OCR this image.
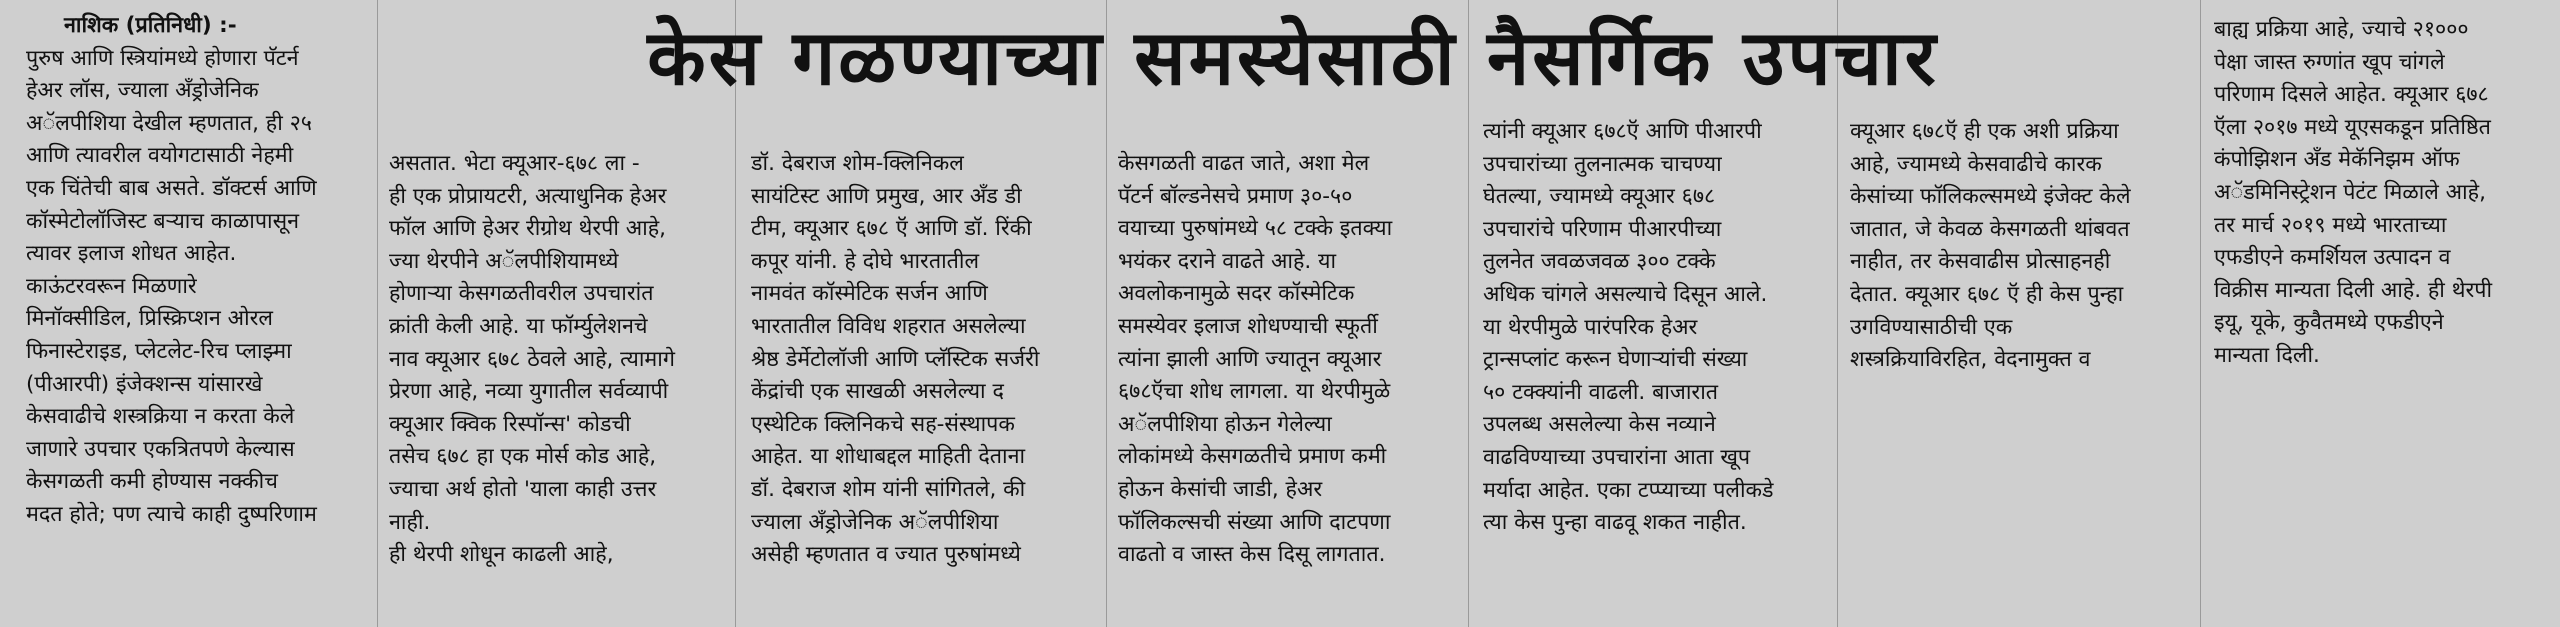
नाशिक (प्रतिनिधी) :-

पुरुष आणि स्त्रियांमध्ये होणारा पॅटर्न
हेअर लॉस, ज्याला अँड्रोजेनिक
अॅलपीशिया देखील म्हणतात, ही २५
आणि त्यावरील वयोगटासाठी नेहमी
एक चिंतेची बाब असते. डॉक्टर्स आणि
कॉस्मेटोलॉजिस्ट बऱ्याच काळापासून
त्यावर इलाज शोधत आहेत.
काऊंटरवरून मिळणारे
मिनॉक्सीडिल, प्रिस्क्रिप्शन ओरल
फिनास्टेराइड, प्लेटलेट-रिच प्लाझ्मा
(पीआरपी) इंजेक्शन्स यांसारखे
केसवाढीचे शस्त्रक्रिया न करता केले
जाणारे उपचार एकत्रितपणे केल्यास
केसगळती कमी होण्यास नक्कीच
मदत होते; पण त्याचे काही दुष्परिणाम
केस गळण्याच्या समस्येसाठी नैसर्गिक उपचार
असतात. भेटा क्यूआर-६७८ ला -
ही एक प्रोप्रायटरी, अत्याधुनिक हेअर
फॉल आणि हेअर रीग्रोथ थेरपी आहे,
ज्या थेरपीने अॅलपीशियामध्ये
होणाऱ्या केसगळतीवरील उपचारांत
क्रांती केली आहे. या फॉर्म्युलेशनचे
नाव क्यूआर ६७८ ठेवले आहे, त्यामागे
प्रेरणा आहे, नव्या युगातील सर्वव्यापी
क्यूआर क्विक रिस्पॉन्स' कोडची
तसेच ६७८ हा एक मोर्स कोड आहे,
ज्याचा अर्थ होतो 'याला काही उत्तर
नाही.
ही थेरपी शोधून काढली आहे,
डॉ. देबराज शोम-क्लिनिकल
सायंटिस्ट आणि प्रमुख, आर अँड डी
टीम, क्यूआर ६७८ ऍ आणि डॉ. रिंकी
कपूर यांनी. हे दोघे भारतातील
नामवंत कॉस्मेटिक सर्जन आणि
भारतातील विविध शहरात असलेल्या
श्रेष्ठ डेर्मेटोलॉजी आणि प्लॅस्टिक सर्जरी
केंद्रांची एक साखळी असलेल्या द
एस्थेटिक क्लिनिकचे सह-संस्थापक
आहेत. या शोधाबद्दल माहिती देताना
डॉ. देबराज शोम यांनी सांगितले, की
ज्याला अँड्रोजेनिक अॅलपीशिया
असेही म्हणतात व ज्यात पुरुषांमध्ये
केसगळती वाढत जाते, अशा मेल
पॅटर्न बॉल्डनेसचे प्रमाण ३०-५०
वयाच्या पुरुषांमध्ये ५८ टक्के इतक्या
भयंकर दराने वाढते आहे. या
अवलोकनामुळे सदर कॉस्मेटिक
समस्येवर इलाज शोधण्याची स्फूर्ती
त्यांना झाली आणि ज्यातून क्यूआर
६७८ऍचा शोध लागला. या थेरपीमुळे
अॅलपीशिया होऊन गेलेल्या
लोकांमध्ये केसगळतीचे प्रमाण कमी
होऊन केसांची जाडी, हेअर
फॉलिकल्सची संख्या आणि दाटपणा
वाढतो व जास्त केस दिसू लागतात.
त्यांनी क्यूआर ६७८ऍ आणि पीआरपी
उपचारांच्या तुलनात्मक चाचण्या
घेतल्या, ज्यामध्ये क्यूआर ६७८
उपचारांचे परिणाम पीआरपीच्या
तुलनेत जवळजवळ ३०० टक्के
अधिक चांगले असल्याचे दिसून आले.
या थेरपीमुळे पारंपरिक हेअर
ट्रान्सप्लांट करून घेणाऱ्यांची संख्या
५० टक्क्यांनी वाढली. बाजारात
उपलब्ध असलेल्या केस नव्याने
वाढविण्याच्या उपचारांना आता खूप
मर्यादा आहेत. एका टप्प्याच्या पलीकडे
त्या केस पुन्हा वाढवू शकत नाहीत.
क्यूआर ६७८ऍ ही एक अशी प्रक्रिया
आहे, ज्यामध्ये केसवाढीचे कारक
केसांच्या फॉलिकल्समध्ये इंजेक्ट केले
जातात, जे केवळ केसगळती थांबवत
नाहीत, तर केसवाढीस प्रोत्साहनही
देतात. क्यूआर ६७८ ऍ ही केस पुन्हा
उगविण्यासाठीची एक
शस्त्रक्रियाविरहित, वेदनामुक्त व
बाह्य प्रक्रिया आहे, ज्याचे २१०००
पेक्षा जास्त रुग्णांत खूप चांगले
परिणाम दिसले आहेत. क्यूआर ६७८
ऍला २०१७ मध्ये यूएसकडून प्रतिष्ठित
कंपोझिशन अँड मेकॅनिझम ऑफ
अॅडमिनिस्ट्रेशन पेटंट मिळाले आहे,
तर मार्च २०१९ मध्ये भारताच्या
एफडीएने कमर्शियल उत्पादन व
विक्रीस मान्यता दिली आहे. ही थेरपी
इयू, यूके, कुवैतमध्ये एफडीएने
मान्यता दिली.
